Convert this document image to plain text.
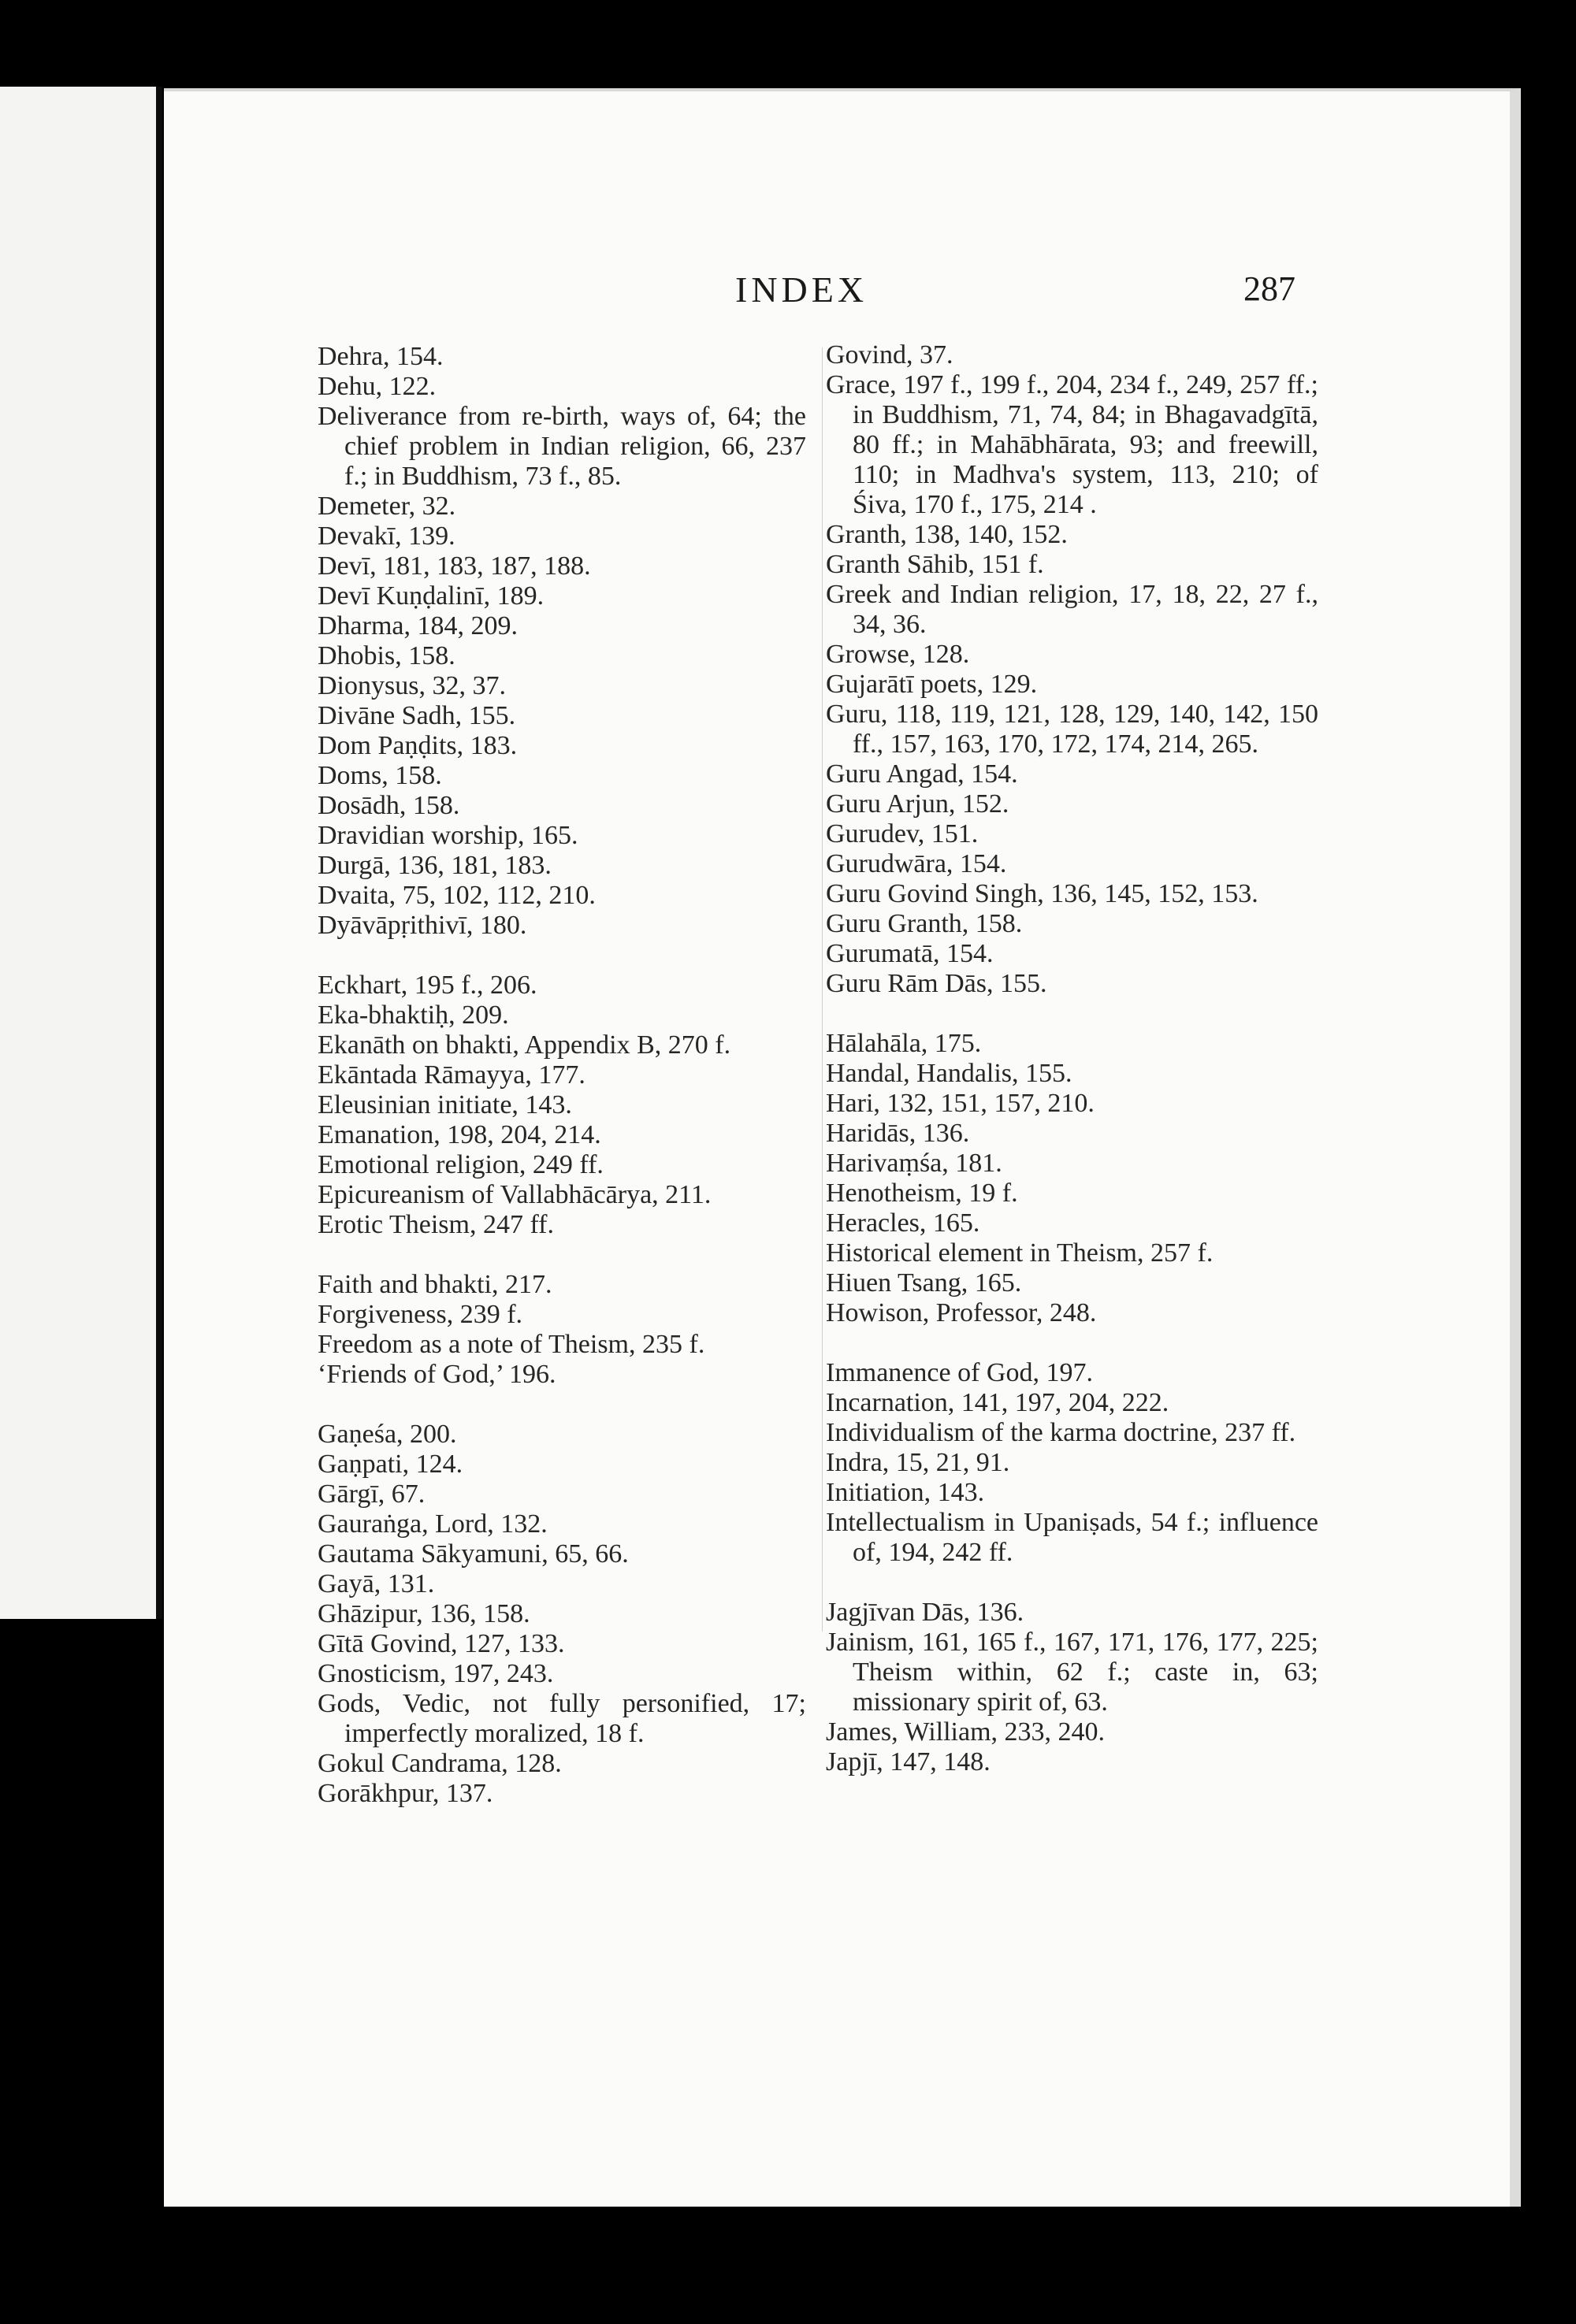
INDEX	287
Dehra, 154.
Dehu, 122.
Deliverance from re-birth, ways of, 64; the chief problem in Indian religion, 66, 237 f.; in Buddhism, 73 f., 85.
Demeter, 32.
Devakī, 139.
Devī, 181, 183, 187, 188.
Devī Kuṇḍalinī, 189.
Dharma, 184, 209.
Dhobis, 158.
Dionysus, 32, 37.
Divāne Sadh, 155.
Dom Paṇḍits, 183.
Doms, 158.
Dosādh, 158.
Dravidian worship, 165.
Durgā, 136, 181, 183.
Dvaita, 75, 102, 112, 210.
Dyāvāpṛithivī, 180.
Eckhart, 195 f., 206.
Eka-bhaktiḥ, 209.
Ekanāth on bhakti, Appendix B, 270 f.
Ekāntada Rāmayya, 177.
Eleusinian initiate, 143.
Emanation, 198, 204, 214.
Emotional religion, 249 ff.
Epicureanism of Vallabhācārya, 211.
Erotic Theism, 247 ff.
Faith and bhakti, 217.
Forgiveness, 239 f.
Freedom as a note of Theism, 235 f.
‘Friends of God,’ 196.
Gaṇeśa, 200.
Gaṇpati, 124.
Gārgī, 67.
Gauraṅga, Lord, 132.
Gautama Sākyamuni, 65, 66.
Gayā, 131.
Ghāzipur, 136, 158.
Gītā Govind, 127, 133.
Gnosticism, 197, 243.
Gods, Vedic, not fully personified, 17; imperfectly moralized, 18 f.
Gokul Candrama, 128.
Gorākhpur, 137.
Govind, 37.
Grace, 197 f., 199 f., 204, 234 f., 249, 257 ff.; in Buddhism, 71, 74, 84; in Bhagavadgītā, 80 ff.; in Mahābhārata, 93; and freewill, 110; in Madhva's system, 113, 210; of Śiva, 170 f., 175, 214 .
Granth, 138, 140, 152.
Granth Sāhib, 151 f.
Greek and Indian religion, 17, 18, 22, 27 f., 34, 36.
Growse, 128.
Gujarātī poets, 129.
Guru, 118, 119, 121, 128, 129, 140, 142, 150 ff., 157, 163, 170, 172, 174, 214, 265.
Guru Angad, 154.
Guru Arjun, 152.
Gurudev, 151.
Gurudwāra, 154.
Guru Govind Singh, 136, 145, 152, 153.
Guru Granth, 158.
Gurumatā, 154.
Guru Rām Dās, 155.
Hālahāla, 175.
Handal, Handalis, 155.
Hari, 132, 151, 157, 210.
Haridās, 136.
Harivaṃśa, 181.
Henotheism, 19 f.
Heracles, 165.
Historical element in Theism, 257 f.
Hiuen Tsang, 165.
Howison, Professor, 248.
Immanence of God, 197.
Incarnation, 141, 197, 204, 222.
Individualism of the karma doctrine, 237 ff.
Indra, 15, 21, 91.
Initiation, 143.
Intellectualism in Upaniṣads, 54 f.; influence of, 194, 242 ff.
Jagjīvan Dās, 136.
Jainism, 161, 165 f., 167, 171, 176, 177, 225; Theism within, 62 f.; caste in, 63; missionary spirit of, 63.
James, William, 233, 240.
Japjī, 147, 148.
